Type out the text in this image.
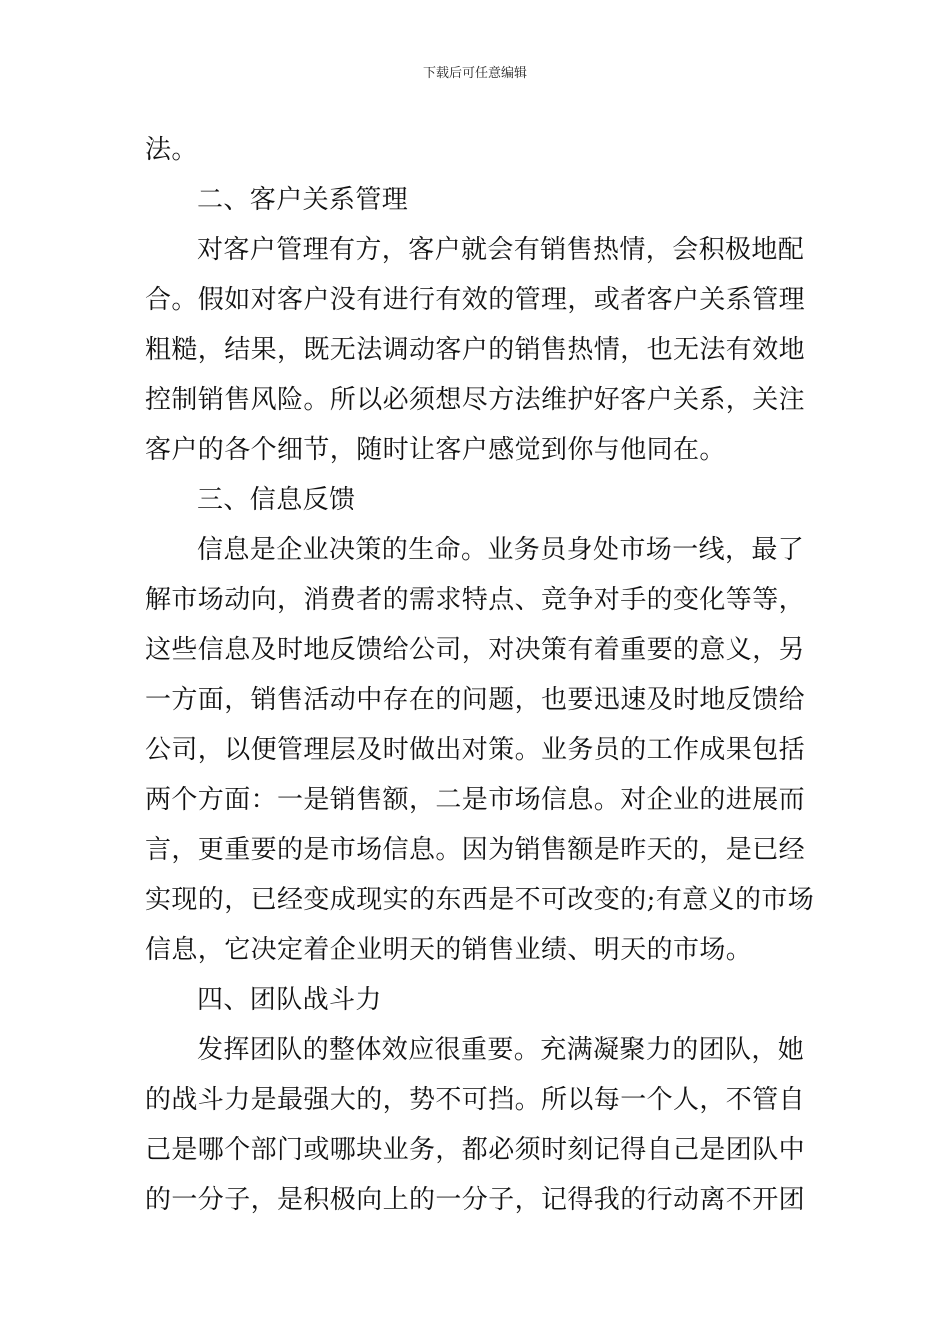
下载后可任意编辑
法。
二、客户关系管理
对客户管理有方，客户就会有销售热情，会积极地配
合。假如对客户没有进行有效的管理，或者客户关系管理
粗糙，结果，既无法调动客户的销售热情，也无法有效地
控制销售风险。所以必须想尽方法维护好客户关系，关注
客户的各个细节，随时让客户感觉到你与他同在。
三、信息反馈
信息是企业决策的生命。业务员身处市场一线，最了
解市场动向，消费者的需求特点、竞争对手的变化等等，
这些信息及时地反馈给公司，对决策有着重要的意义，另
一方面，销售活动中存在的问题，也要迅速及时地反馈给
公司，以便管理层及时做出对策。业务员的工作成果包括
两个方面：一是销售额，二是市场信息。对企业的进展而
言，更重要的是市场信息。因为销售额是昨天的，是已经
实现的，已经变成现实的东西是不可改变的;有意义的市场
信息，它决定着企业明天的销售业绩、明天的市场。
四、团队战斗力
发挥团队的整体效应很重要。充满凝聚力的团队，她
的战斗力是最强大的，势不可挡。所以每一个人，不管自
己是哪个部门或哪块业务，都必须时刻记得自己是团队中
的一分子，是积极向上的一分子，记得我的行动离不开团
